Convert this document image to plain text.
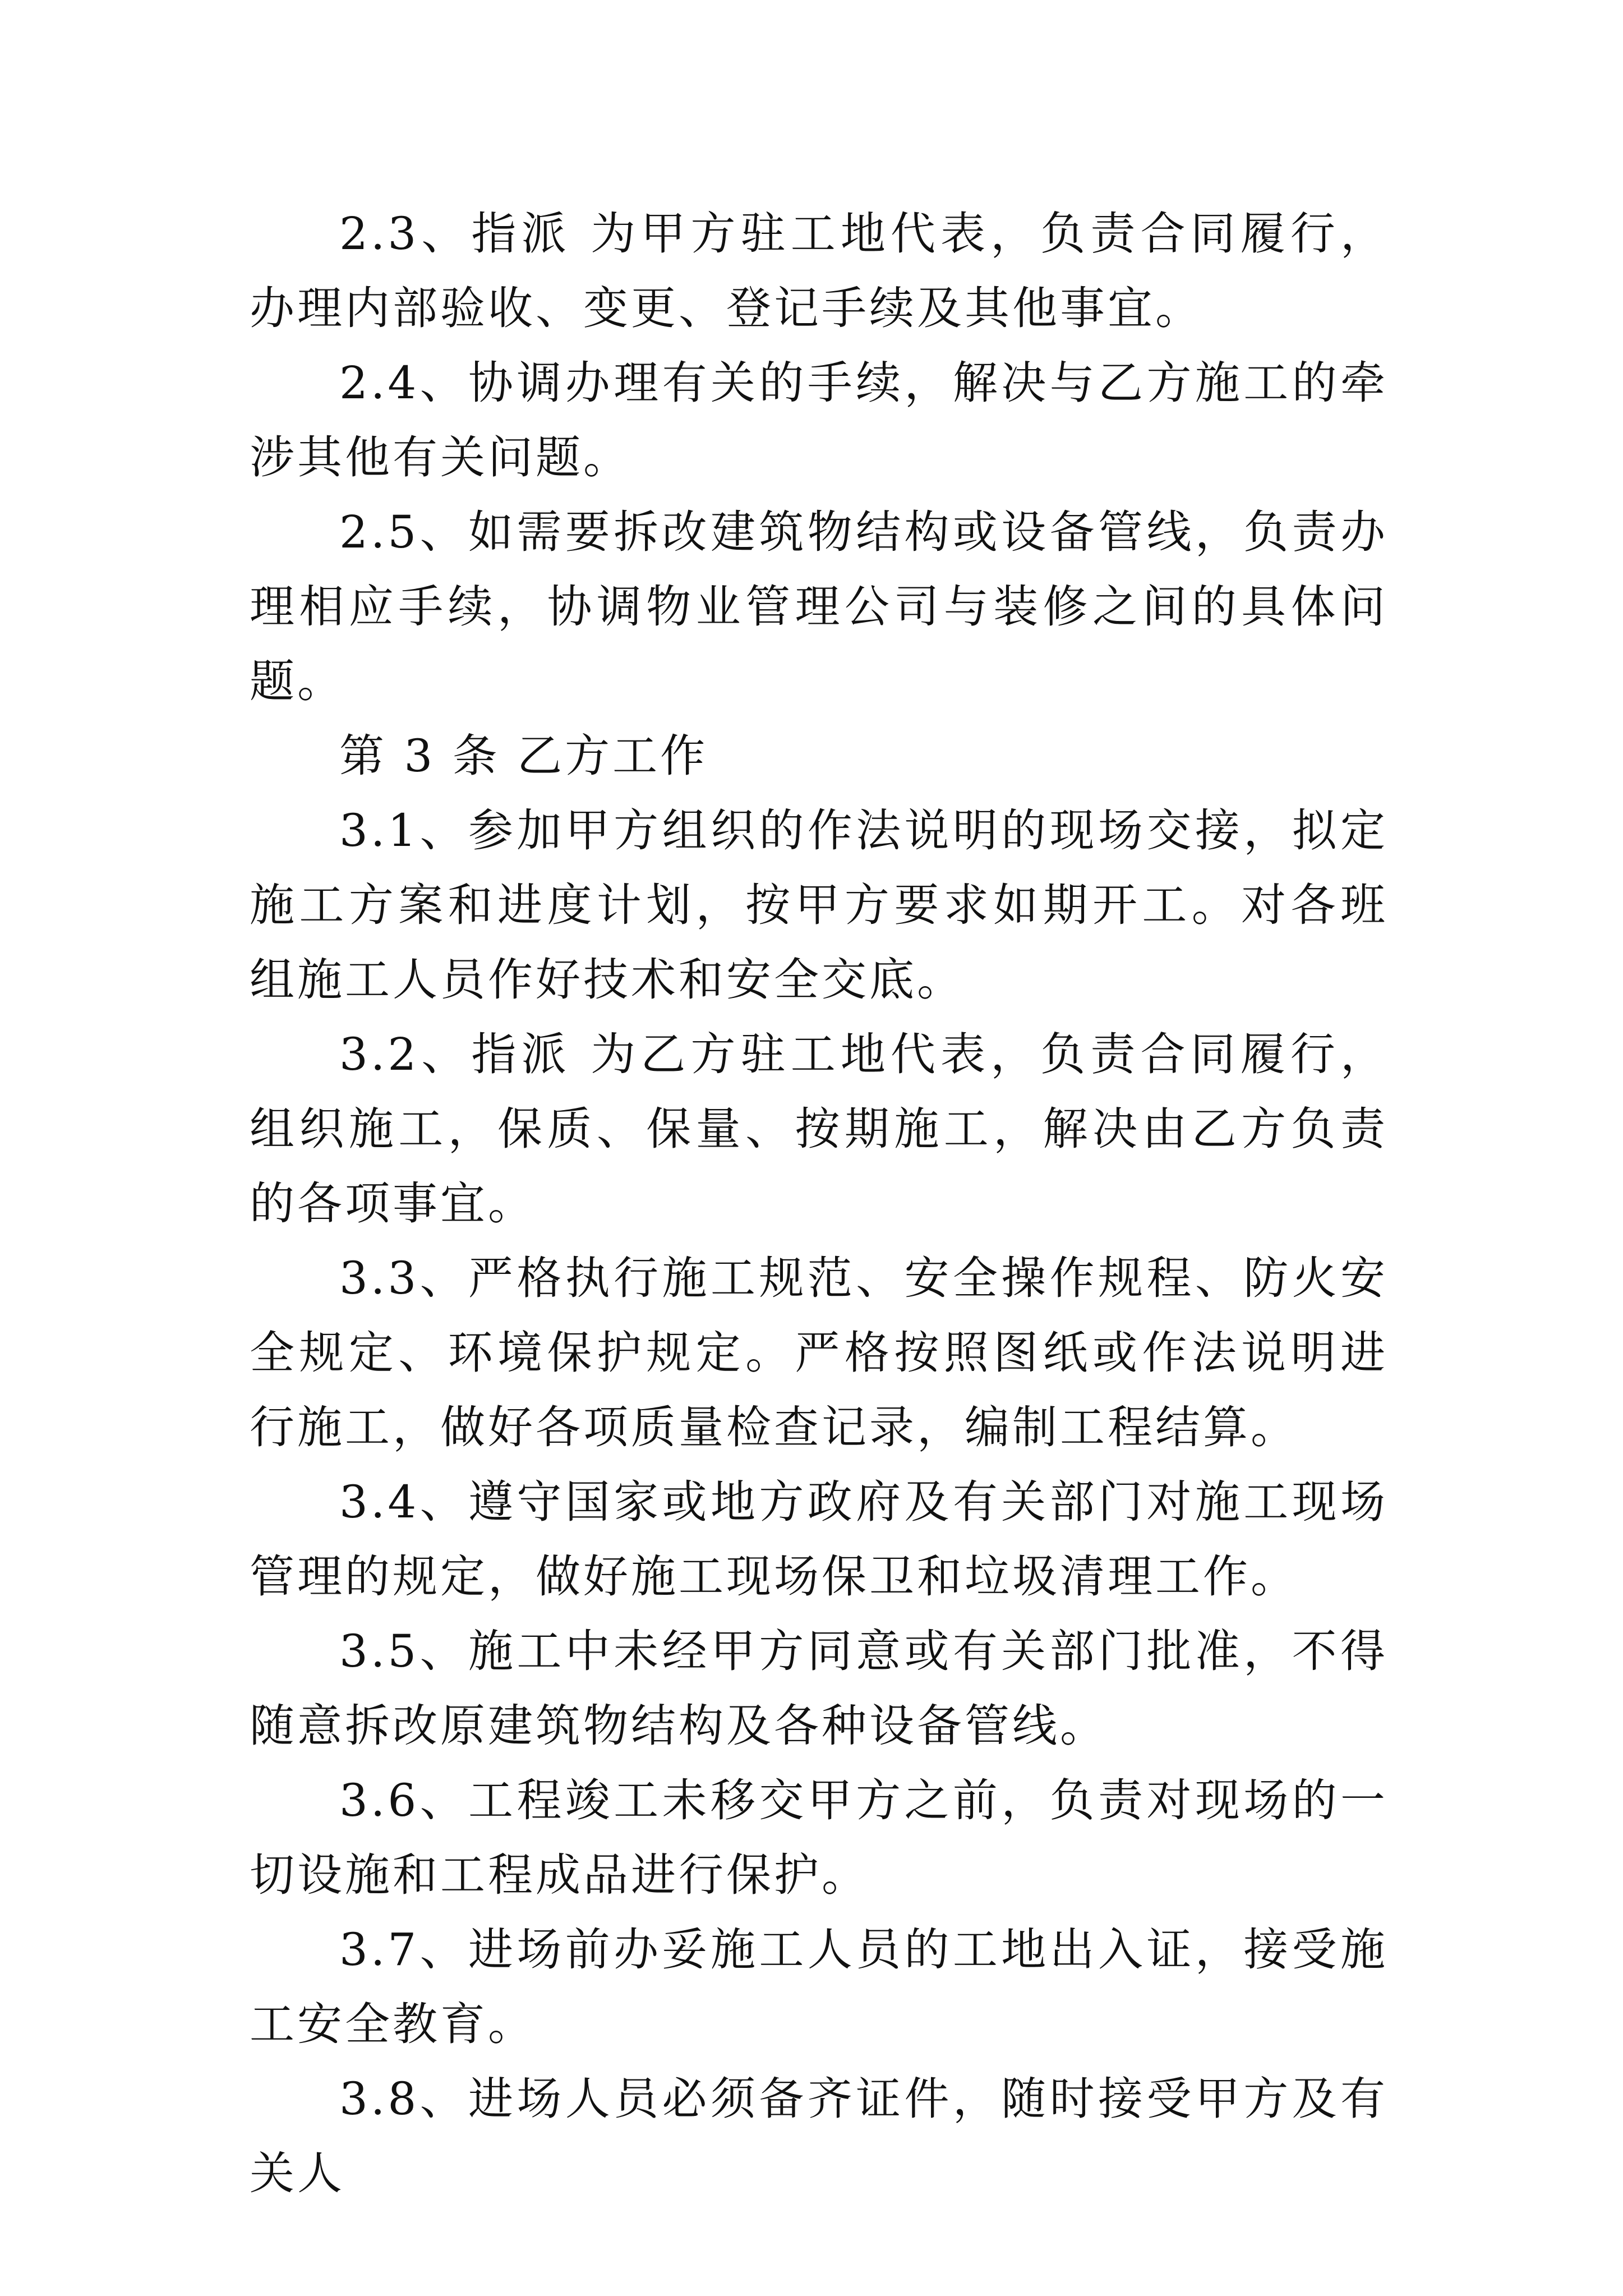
2.3、指派 为甲方驻工地代表，负责合同履行，办理内部验收、变更、登记手续及其他事宜。

2.4、协调办理有关的手续，解决与乙方施工的牵涉其他有关问题。

2.5、如需要拆改建筑物结构或设备管线，负责办理相应手续，协调物业管理公司与装修之间的具体问题。

第 3 条 乙方工作

3.1、参加甲方组织的作法说明的现场交接，拟定施工方案和进度计划，按甲方要求如期开工。对各班组施工人员作好技术和安全交底。

3.2、指派 为乙方驻工地代表，负责合同履行，组织施工，保质、保量、按期施工，解决由乙方负责的各项事宜。

3.3、严格执行施工规范、安全操作规程、防火安全规定、环境保护规定。严格按照图纸或作法说明进行施工，做好各项质量检查记录，编制工程结算。

3.4、遵守国家或地方政府及有关部门对施工现场管理的规定，做好施工现场保卫和垃圾清理工作。

3.5、施工中未经甲方同意或有关部门批准，不得随意拆改原建筑物结构及各种设备管线。

3.6、工程竣工未移交甲方之前，负责对现场的一切设施和工程成品进行保护。

3.7、进场前办妥施工人员的工地出入证，接受施工安全教育。

3.8、进场人员必须备齐证件，随时接受甲方及有关人
